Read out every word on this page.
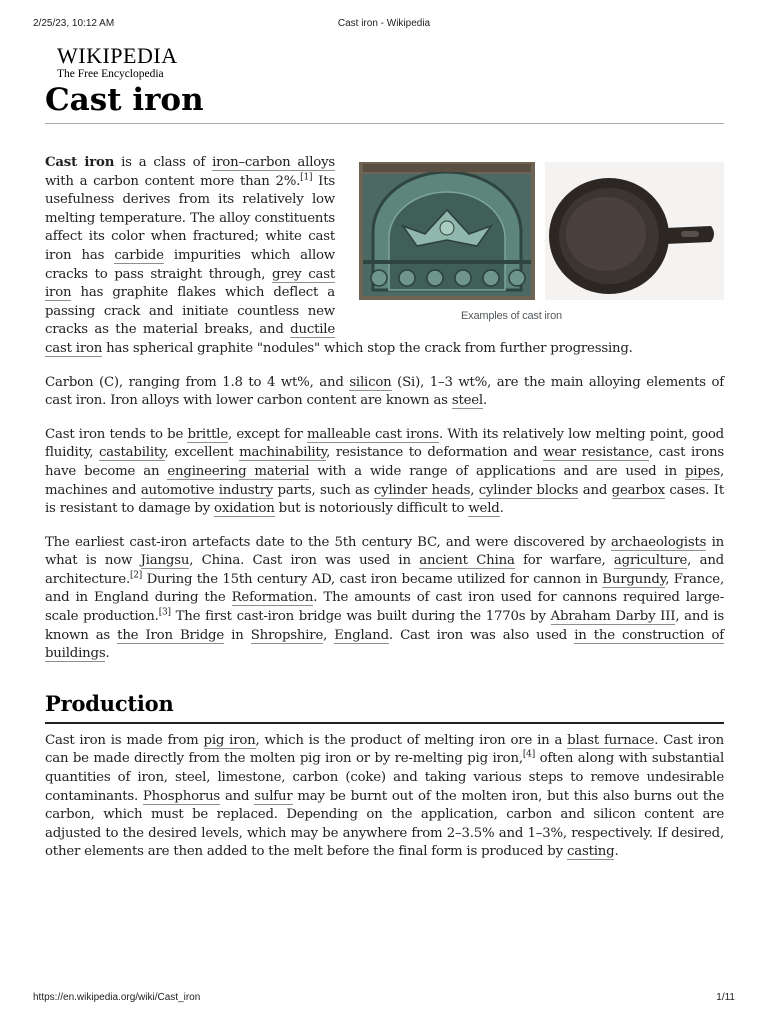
2/25/23, 10:12 AM	Cast iron - Wikipedia
WIKIPEDIA
The Free Encyclopedia
Cast iron
Examples of cast iron

Cast iron is a class of iron–carbon alloys with a carbon content more than 2%.[1] Its usefulness derives from its relatively low melting temperature. The alloy constituents affect its color when fractured; white cast iron has carbide impurities which allow cracks to pass straight through, grey cast iron has graphite flakes which deflect a passing crack and initiate countless new cracks as the material breaks, and ductile cast iron has spherical graphite "nodules" which stop the crack from further progressing.

Carbon (C), ranging from 1.8 to 4 wt%, and silicon (Si), 1–3 wt%, are the main alloying elements of cast iron. Iron alloys with lower carbon content are known as steel.

Cast iron tends to be brittle, except for malleable cast irons. With its relatively low melting point, good fluidity, castability, excellent machinability, resistance to deformation and wear resistance, cast irons have become an engineering material with a wide range of applications and are used in pipes, machines and automotive industry parts, such as cylinder heads, cylinder blocks and gearbox cases. It is resistant to damage by oxidation but is notoriously difficult to weld.

The earliest cast-iron artefacts date to the 5th century BC, and were discovered by archaeologists in what is now Jiangsu, China. Cast iron was used in ancient China for warfare, agriculture, and architecture.[2] During the 15th century AD, cast iron became utilized for cannon in Burgundy, France, and in England during the Reformation. The amounts of cast iron used for cannons required large-scale production.[3] The first cast-iron bridge was built during the 1770s by Abraham Darby III, and is known as the Iron Bridge in Shropshire, England. Cast iron was also used in the construction of buildings.

Production

Cast iron is made from pig iron, which is the product of melting iron ore in a blast furnace. Cast iron can be made directly from the molten pig iron or by re-melting pig iron,[4] often along with substantial quantities of iron, steel, limestone, carbon (coke) and taking various steps to remove undesirable contaminants. Phosphorus and sulfur may be burnt out of the molten iron, but this also burns out the carbon, which must be replaced. Depending on the application, carbon and silicon content are adjusted to the desired levels, which may be anywhere from 2–3.5% and 1–3%, respectively. If desired, other elements are then added to the melt before the final form is produced by casting.

https://en.wikipedia.org/wiki/Cast_iron	1/11
